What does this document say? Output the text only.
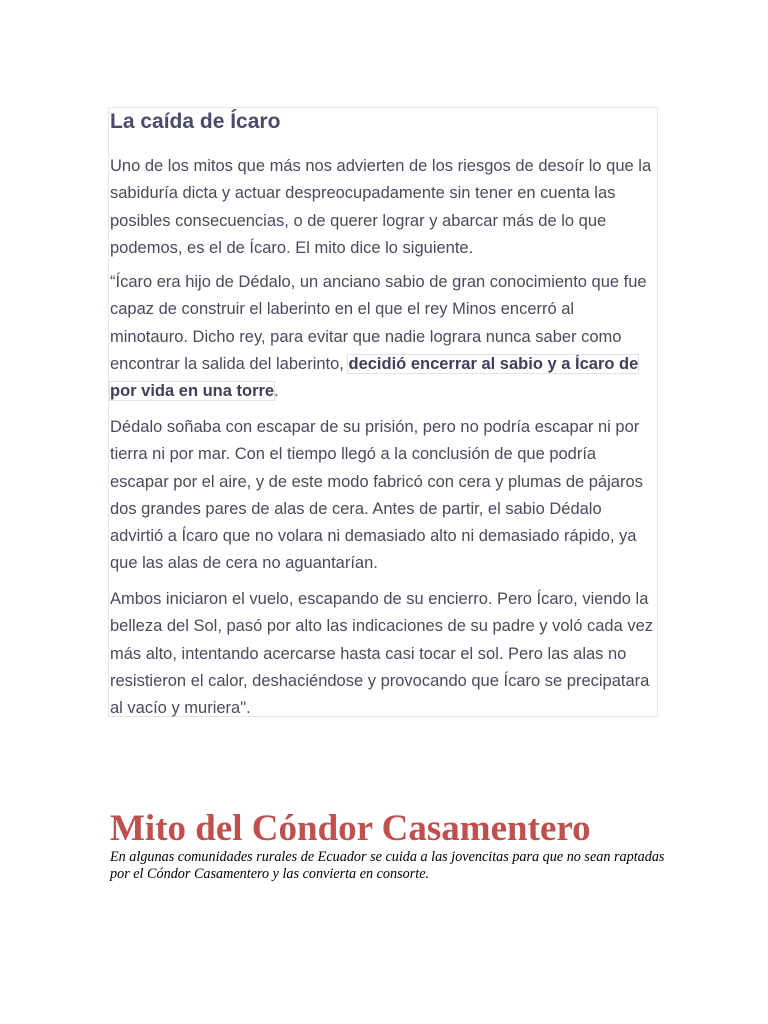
La caída de Ícaro

Uno de los mitos que más nos advierten de los riesgos de desoír lo que la sabiduría dicta y actuar despreocupadamente sin tener en cuenta las posibles consecuencias, o de querer lograr y abarcar más de lo que podemos, es el de Ícaro. El mito dice lo siguiente.

“Ícaro era hijo de Dédalo, un anciano sabio de gran conocimiento que fue capaz de construir el laberinto en el que el rey Minos encerró al minotauro. Dicho rey, para evitar que nadie lograra nunca saber como encontrar la salida del laberinto, decidió encerrar al sabio y a Ícaro de por vida en una torre.

Dédalo soñaba con escapar de su prisión, pero no podría escapar ni por tierra ni por mar. Con el tiempo llegó a la conclusión de que podría escapar por el aire, y de este modo fabricó con cera y plumas de pájaros dos grandes pares de alas de cera. Antes de partir, el sabio Dédalo advirtió a Ícaro que no volara ni demasiado alto ni demasiado rápido, ya que las alas de cera no aguantarían.

Ambos iniciaron el vuelo, escapando de su encierro. Pero Ícaro, viendo la belleza del Sol, pasó por alto las indicaciones de su padre y voló cada vez más alto, intentando acercarse hasta casi tocar el sol. Pero las alas no resistieron el calor, deshaciéndose y provocando que Ícaro se precipatara al vacío y muriera".

Mito del Cóndor Casamentero

En algunas comunidades rurales de Ecuador se cuida a las jovencitas para que no sean raptadas por el Cóndor Casamentero y las convierta en consorte.
